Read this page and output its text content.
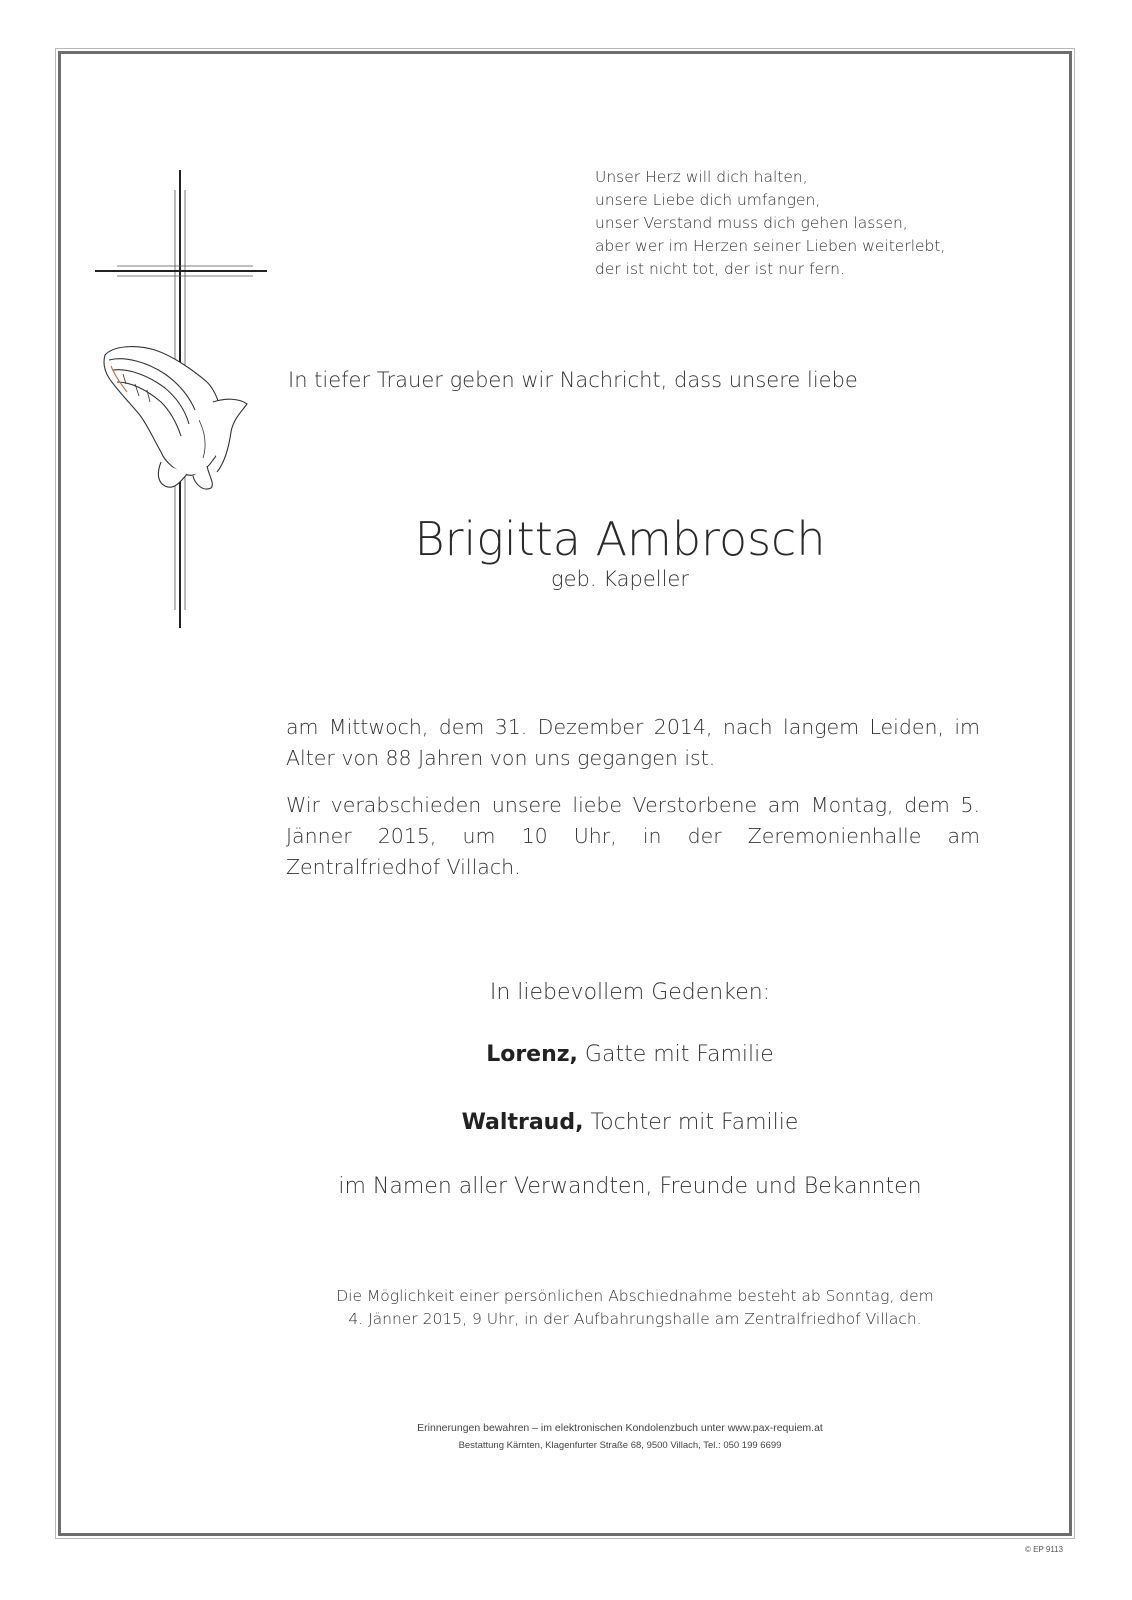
Unser Herz will dich halten,
unsere Liebe dich umfangen,
unser Verstand muss dich gehen lassen,
aber wer im Herzen seiner Lieben weiterlebt,
der ist nicht tot, der ist nur fern.
In tiefer Trauer geben wir Nachricht, dass unsere liebe
Brigitta Ambrosch
geb. Kapeller
am Mittwoch, dem 31. Dezember 2014, nach langem Leiden, im Alter von 88 Jahren von uns gegangen ist.
Wir verabschieden unsere liebe Verstorbene am Montag, dem 5. Jänner 2015, um 10 Uhr, in der Zeremonienhalle am Zentralfriedhof Villach.
In liebevollem Gedenken:
Lorenz, Gatte mit Familie
Waltraud, Tochter mit Familie
im Namen aller Verwandten, Freunde und Bekannten
Die Möglichkeit einer persönlichen Abschiednahme besteht ab Sonntag, dem
4. Jänner 2015, 9 Uhr, in der Aufbahrungshalle am Zentralfriedhof Villach.
Erinnerungen bewahren – im elektronischen Kondolenzbuch unter www.pax-requiem.at
Bestattung Kärnten, Klagenfurter Straße 68, 9500 Villach, Tel.: 050 199 6699
© EP 9113
